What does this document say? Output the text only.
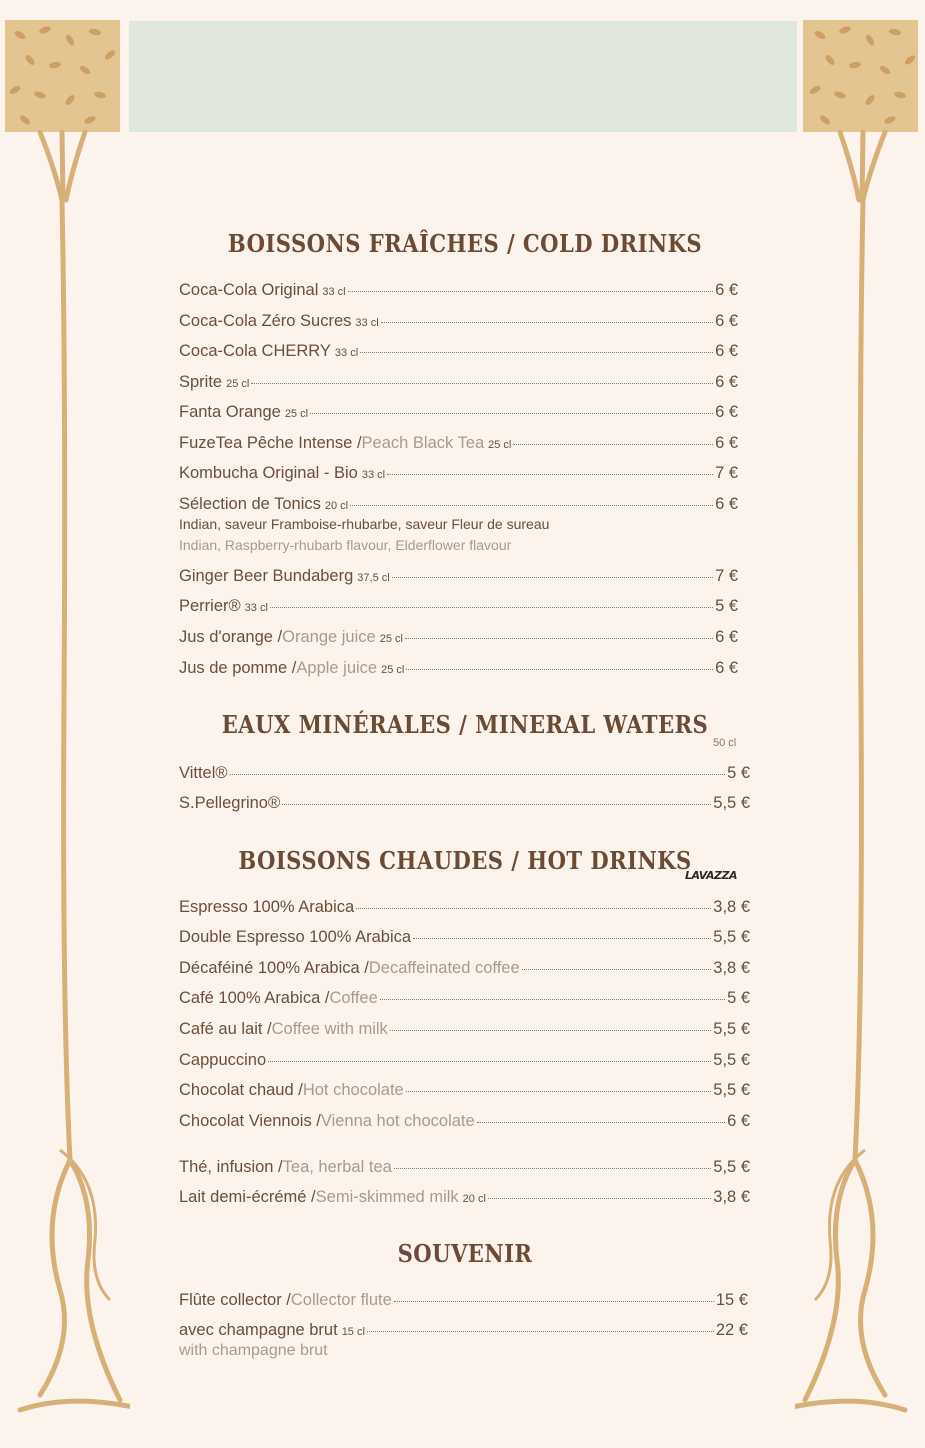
BOISSONS FRAÎCHES / COLD DRINKS
Coca-Cola Original 33 cl	6 €
Coca-Cola Zéro Sucres 33 cl	6 €
Coca-Cola CHERRY 33 cl	6 €
Sprite 25 cl	6 €
Fanta Orange 25 cl	6 €
FuzeTea Pêche Intense / Peach Black Tea 25 cl	6 €
Kombucha Original - Bio 33 cl	7 €
Sélection de Tonics 20 cl	6 €
Ginger Beer Bundaberg 37,5 cl	7 €
Perrier® 33 cl	5 €
Jus d'orange / Orange juice 25 cl	6 €
Jus de pomme / Apple juice 25 cl	6 €
Indian, saveur Framboise-rhubarbe, saveur Fleur de sureau
Indian, Raspberry-rhubarb flavour, Elderflower flavour
EAUX MINÉRALES / MINERAL WATERS
50 cl
Vittel®	5 €
S.Pellegrino®	5,5 €
BOISSONS CHAUDES / HOT DRINKS
LAVAZZA
Espresso 100% Arabica	3,8 €
Double Espresso 100% Arabica	5,5 €
Décaféiné 100% Arabica / Decaffeinated coffee	3,8 €
Café 100% Arabica / Coffee	5 €
Café au lait / Coffee with milk	5,5 €
Cappuccino	5,5 €
Chocolat chaud / Hot chocolate	5,5 €
Chocolat Viennois / Vienna hot chocolate	6 €
Thé, infusion / Tea, herbal tea	5,5 €
Lait demi-écrémé / Semi-skimmed milk 20 cl	3,8 €
SOUVENIR
Flûte collector / Collector flute	15 €
avec champagne brut 15 cl	22 €
with champagne brut
